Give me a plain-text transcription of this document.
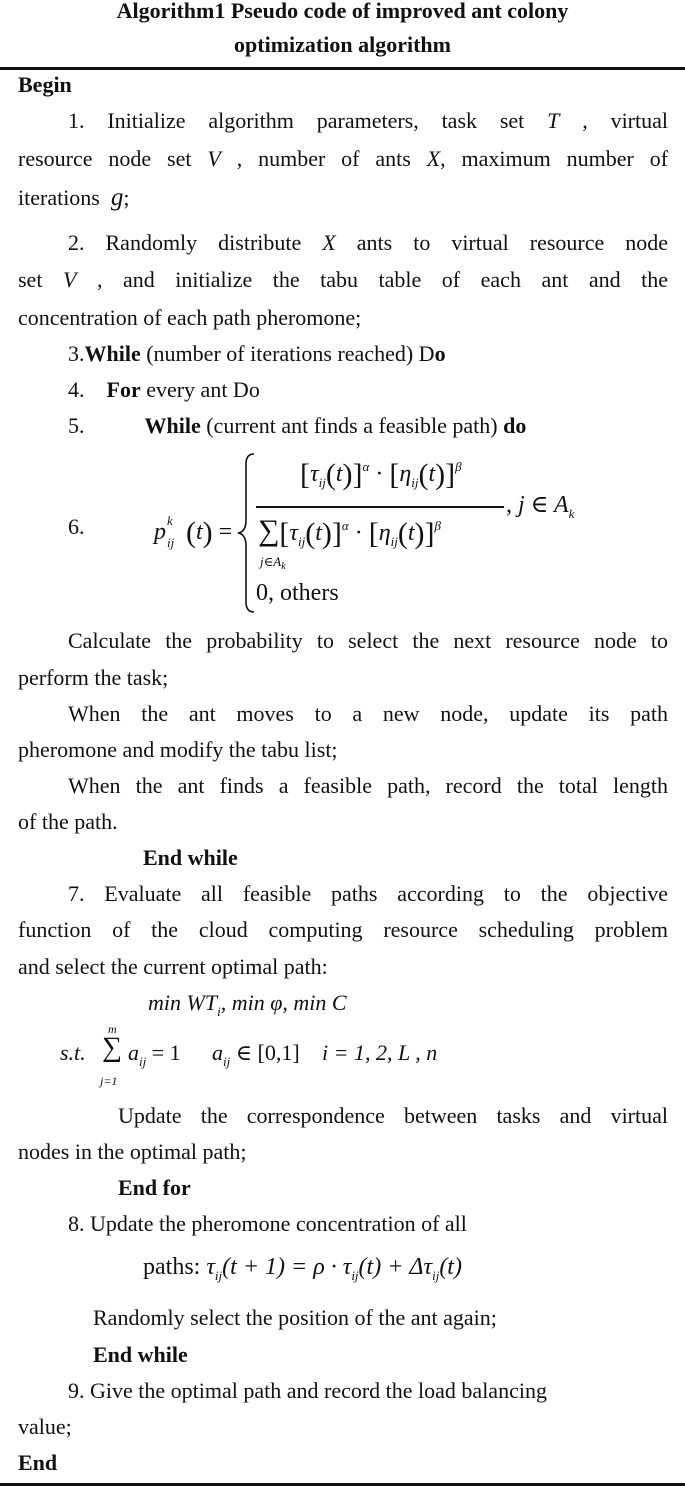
Algorithm1 Pseudo code of improved ant colony
optimization algorithm
Begin
1. Initialize algorithm parameters, task set T , virtual
resource node set V , number of ants X, maximum number of
iterations g;
2. Randomly distribute X ants to virtual resource node
set V , and initialize the tabu table of each ant and the
concentration of each path pheromone;
3.While (number of iterations reached) Do
4. For every ant Do
5.	While (current ant finds a feasible path) do
6.	p k
ij (t) =
$[\tau_{ij}(t)]^\alpha \cdot [\eta_{ij}(t)]^\beta$
$\sum[\tau_{ij}(t)]^\alpha \cdot [\eta_{ij}(t)]^\beta$
$j\in A_k$
, j ∈ $A_k$
0, others
Calculate the probability to select the next resource node to
perform the task;
When the ant moves to a new node, update its path
pheromone and modify the tabu list;
When the ant finds a feasible path, record the total length
of the path.
End while
7. Evaluate all feasible paths according to the objective
function of the cloud computing resource scheduling problem
and select the current optimal path:
$\min WT_i$, min φ, min C
s.t. ∑
m
j=1
$a_{ij} = 1$ $a_{ij}$ ∈ [0,1] i = 1, 2, L , n
Update the correspondence between tasks and virtual
nodes in the optimal path;
End for
8. Update the pheromone concentration of all
paths: $\tau_{ij}(t + 1) = \rho \cdot \tau_{ij}(t) + \Delta\tau_{ij}(t)$
Randomly select the position of the ant again;
End while
9. Give the optimal path and record the load balancing
value;
End
